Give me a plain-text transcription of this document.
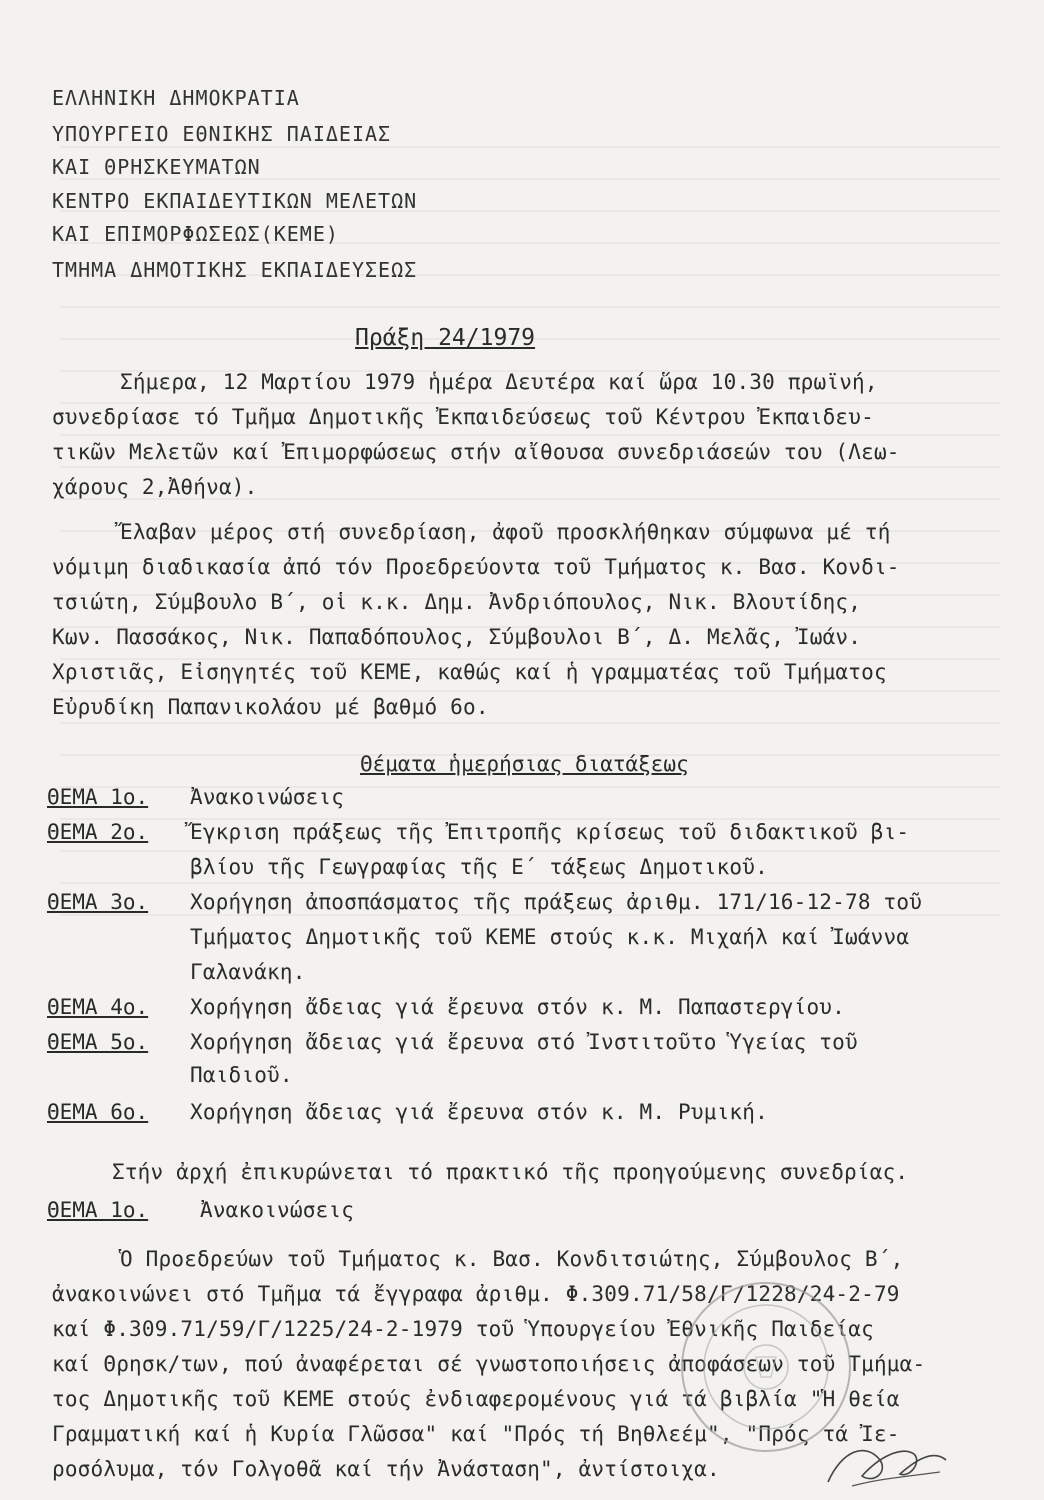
ΕΛΛΗΝΙΚΗ ΔΗΜΟΚΡΑΤΙΑ
ΥΠΟΥΡΓΕΙΟ ΕΘΝΙΚΗΣ ΠΑΙΔΕΙΑΣ
ΚΑΙ ΘΡΗΣΚΕΥΜΑΤΩΝ
ΚΕΝΤΡΟ ΕΚΠΑΙΔΕΥΤΙΚΩΝ ΜΕΛΕΤΩΝ
ΚΑΙ ΕΠΙΜΟΡΦΩΣΕΩΣ(ΚΕΜΕ)
ΤΜΗΜΑ ΔΗΜΟΤΙΚΗΣ ΕΚΠΑΙΔΕΥΣΕΩΣ
Πράξη 24/1979
Σήμερα, 12 Μαρτίου 1979 ἡμέρα Δευτέρα καί ὥρα 10.30 πρωϊνή,
συνεδρίασε τό Τμῆμα Δημοτικῆς Ἐκπαιδεύσεως τοῦ Κέντρου Ἐκπαιδευ-
τικῶν Μελετῶν καί Ἐπιμορφώσεως στήν αἴθουσα συνεδριάσεών του (Λεω-
χάρους 2,Ἀθήνα).
Ἔλαβαν μέρος στή συνεδρίαση, ἀφοῦ προσκλήθηκαν σύμφωνα μέ τή
νόμιμη διαδικασία ἀπό τόν Προεδρεύοντα τοῦ Τμήματος κ. Βασ. Κονδι-
τσιώτη, Σύμβουλο Β΄, οἱ κ.κ. Δημ. Ἀνδριόπουλος, Νικ. Βλουτίδης,
Κων. Πασσάκος, Νικ. Παπαδόπουλος, Σύμβουλοι Β΄, Δ. Μελᾶς, Ἰωάν.
Χριστιᾶς, Εἰσηγητές τοῦ ΚΕΜΕ, καθώς καί ἡ γραμματέας τοῦ Τμήματος
Εὐρυδίκη Παπανικολάου μέ βαθμό 6ο.
Θέματα ἡμερήσιας διατάξεως
ΘΕΜΑ 1ο. Ἀνακοινώσεις
ΘΕΜΑ 2ο. Ἔγκριση πράξεως τῆς Ἐπιτροπῆς κρίσεως τοῦ διδακτικοῦ βι-
βλίου τῆς Γεωγραφίας τῆς Ε΄ τάξεως Δημοτικοῦ.
ΘΕΜΑ 3ο. Χορήγηση ἀποσπάσματος τῆς πράξεως ἀριθμ. 171/16-12-78 τοῦ
Τμήματος Δημοτικῆς τοῦ ΚΕΜΕ στούς κ.κ. Μιχαήλ καί Ἰωάννα
Γαλανάκη.
ΘΕΜΑ 4ο. Χορήγηση ἄδειας γιά ἔρευνα στόν κ. Μ. Παπαστεργίου.
ΘΕΜΑ 5ο. Χορήγηση ἄδειας γιά ἔρευνα στό Ἰνστιτοῦτο Ὑγείας τοῦ
Παιδιοῦ.
ΘΕΜΑ 6ο. Χορήγηση ἄδειας γιά ἔρευνα στόν κ. Μ. Ρυμική.
Στήν ἀρχή ἐπικυρώνεται τό πρακτικό τῆς προηγούμενης συνεδρίας.
ΘΕΜΑ 1ο. Ἀνακοινώσεις
Ὁ Προεδρεύων τοῦ Τμήματος κ. Βασ. Κονδιτσιώτης, Σύμβουλος Β΄,
ἀνακοινώνει στό Τμῆμα τά ἔγγραφα ἀριθμ. Φ.309.71/58/Γ/1228/24-2-79
καί Φ.309.71/59/Γ/1225/24-2-1979 τοῦ Ὑπουργείου Ἐθνικῆς Παιδείας
καί Θρησκ/των, πού ἀναφέρεται σέ γνωστοποιήσεις ἀποφάσεων τοῦ Τμήμα-
τος Δημοτικῆς τοῦ ΚΕΜΕ στούς ἐνδιαφερομένους γιά τά βιβλία "Ἡ θεία
Γραμματική καί ἡ Κυρία Γλῶσσα" καί "Πρός τή Βηθλεέμ", "Πρός τά Ἰε-
ροσόλυμα, τόν Γολγοθᾶ καί τήν Ἀνάσταση", ἀντίστοιχα.
